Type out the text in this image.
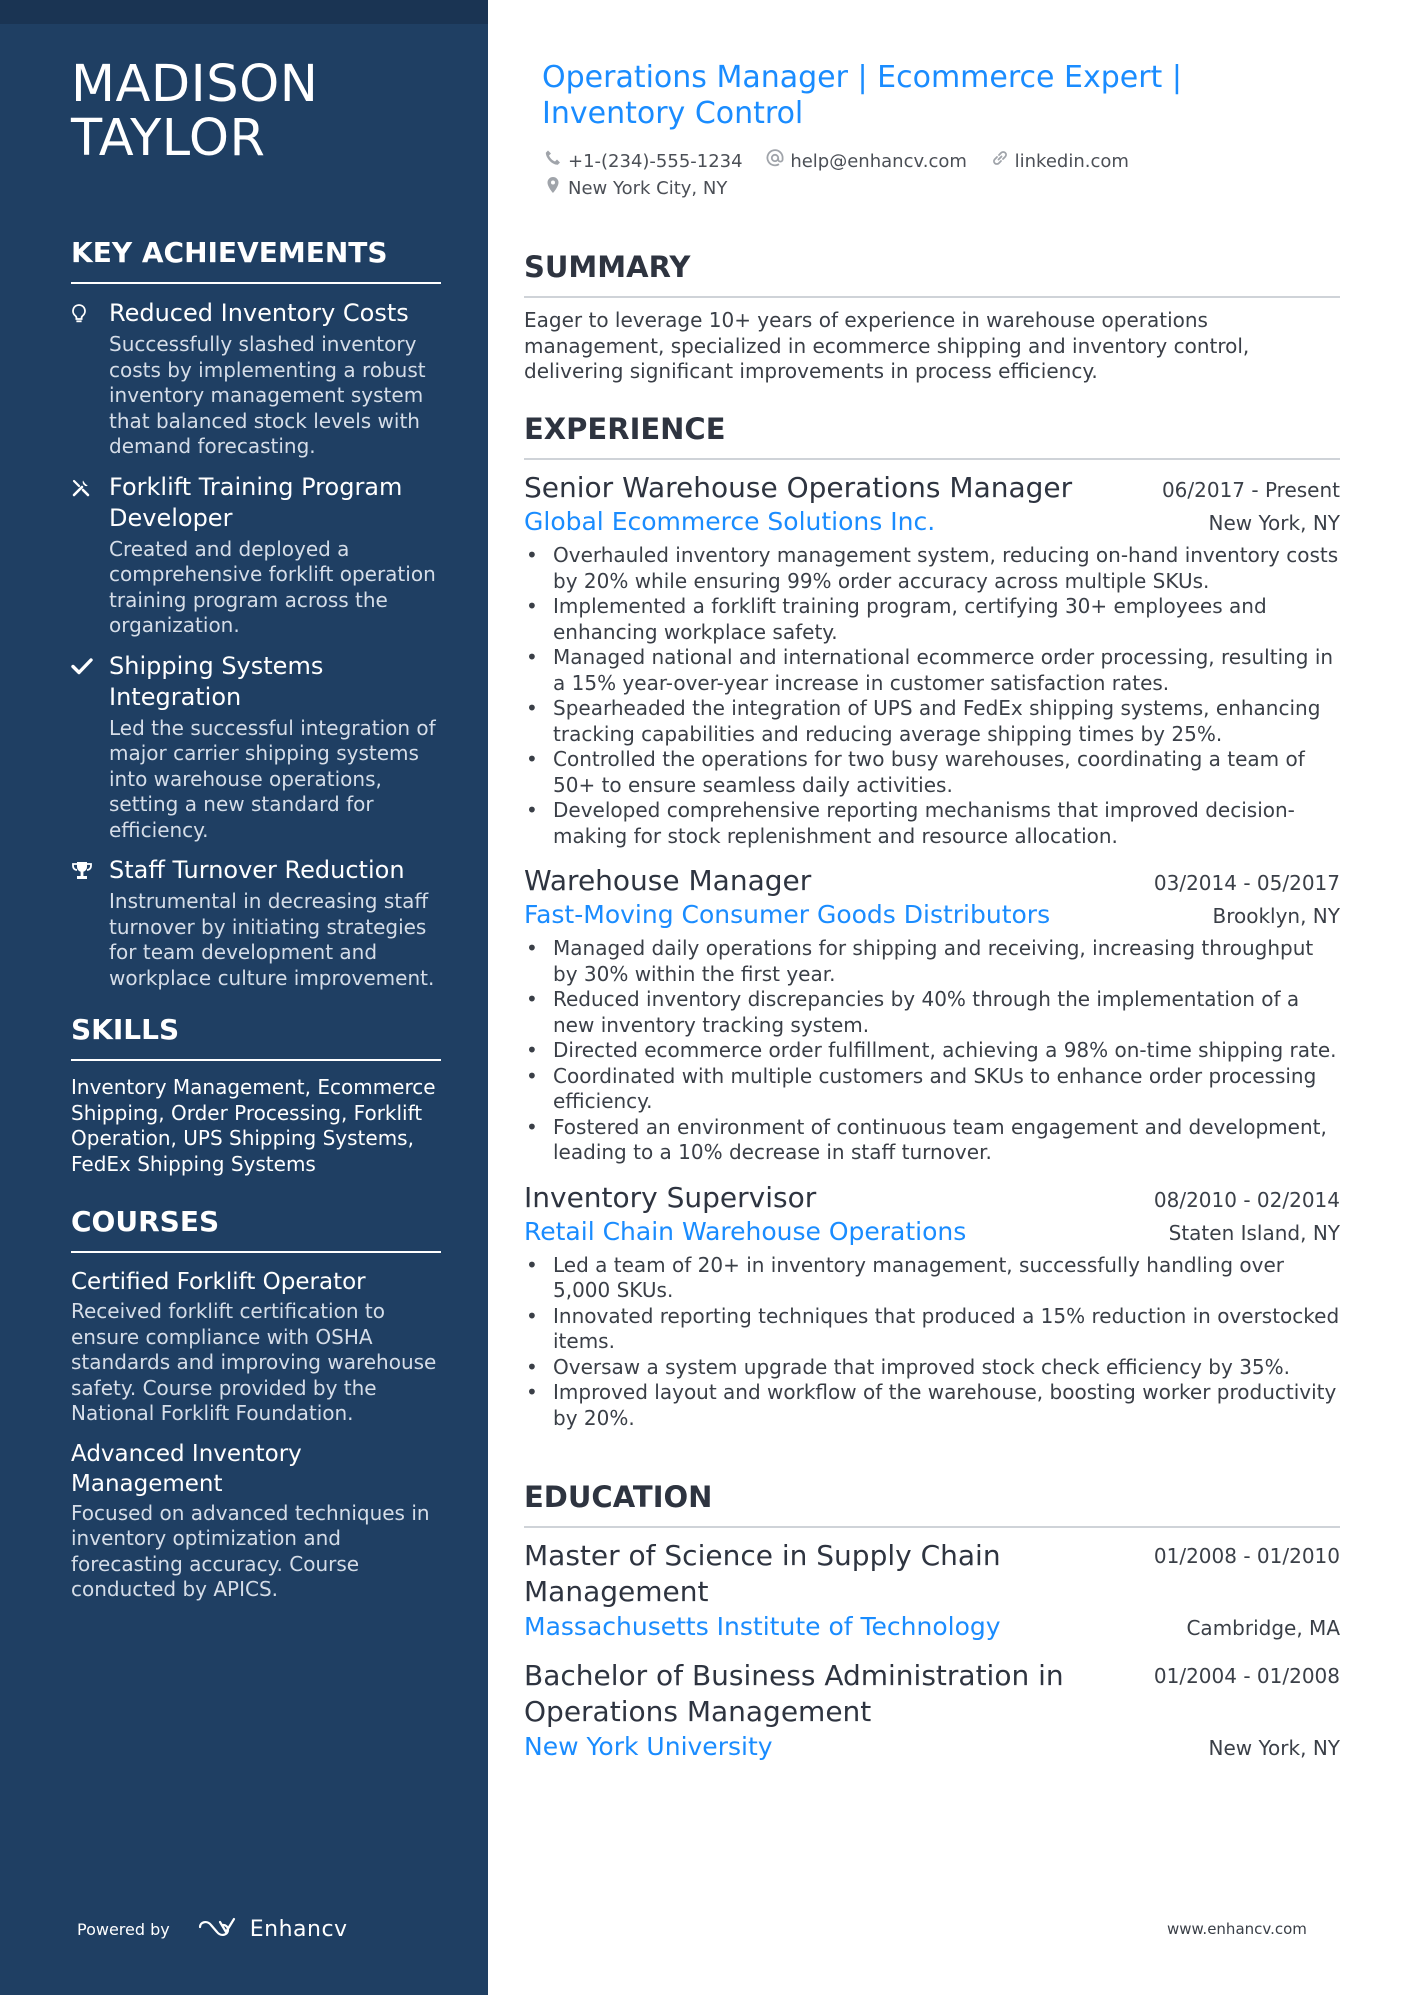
MADISON
TAYLOR
KEY ACHIEVEMENTS
Reduced Inventory Costs
Successfully slashed inventory costs by implementing a robust inventory management system that balanced stock levels with demand forecasting.
Forklift Training Program Developer
Created and deployed a comprehensive forklift operation training program across the organization.
Shipping Systems Integration
Led the successful integration of major carrier shipping systems into warehouse operations, setting a new standard for efficiency.
Staff Turnover Reduction
Instrumental in decreasing staff turnover by initiating strategies for team development and workplace culture improvement.
SKILLS
Inventory Management, Ecommerce Shipping, Order Processing, Forklift Operation, UPS Shipping Systems, FedEx Shipping Systems
COURSES
Certified Forklift Operator
Received forklift certification to ensure compliance with OSHA standards and improving warehouse safety. Course provided by the National Forklift Foundation.
Advanced Inventory Management
Focused on advanced techniques in inventory optimization and forecasting accuracy. Course conducted by APICS.
Powered by	Enhancv
Operations Manager | Ecommerce Expert | Inventory Control
+1-(234)-555-1234
	help@enhancv.com
	linkedin.com

New York City, NY
SUMMARY
Eager to leverage 10+ years of experience in warehouse operations management, specialized in ecommerce shipping and inventory control, delivering significant improvements in process efficiency.
EXPERIENCE
Senior Warehouse Operations Manager	06/2017 - Present
Global Ecommerce Solutions Inc.	New York, NY
• Overhauled inventory management system, reducing on-hand inventory costs by 20% while ensuring 99% order accuracy across multiple SKUs.
• Implemented a forklift training program, certifying 30+ employees and enhancing workplace safety.
• Managed national and international ecommerce order processing, resulting in a 15% year-over-year increase in customer satisfaction rates.
• Spearheaded the integration of UPS and FedEx shipping systems, enhancing tracking capabilities and reducing average shipping times by 25%.
• Controlled the operations for two busy warehouses, coordinating a team of 50+ to ensure seamless daily activities.
• Developed comprehensive reporting mechanisms that improved decision-making for stock replenishment and resource allocation.
Warehouse Manager	03/2014 - 05/2017
Fast-Moving Consumer Goods Distributors	Brooklyn, NY
• Managed daily operations for shipping and receiving, increasing throughput by 30% within the first year.
• Reduced inventory discrepancies by 40% through the implementation of a new inventory tracking system.
• Directed ecommerce order fulfillment, achieving a 98% on-time shipping rate.
• Coordinated with multiple customers and SKUs to enhance order processing efficiency.
• Fostered an environment of continuous team engagement and development, leading to a 10% decrease in staff turnover.
Inventory Supervisor	08/2010 - 02/2014
Retail Chain Warehouse Operations	Staten Island, NY
• Led a team of 20+ in inventory management, successfully handling over 5,000 SKUs.
• Innovated reporting techniques that produced a 15% reduction in overstocked items.
• Oversaw a system upgrade that improved stock check efficiency by 35%.
• Improved layout and workflow of the warehouse, boosting worker productivity by 20%.
EDUCATION
Master of Science in Supply Chain Management
01/2008 - 01/2010
Massachusetts Institute of Technology	Cambridge, MA
Bachelor of Business Administration in Operations Management
01/2004 - 01/2008
New York University	New York, NY
www.enhancv.com
